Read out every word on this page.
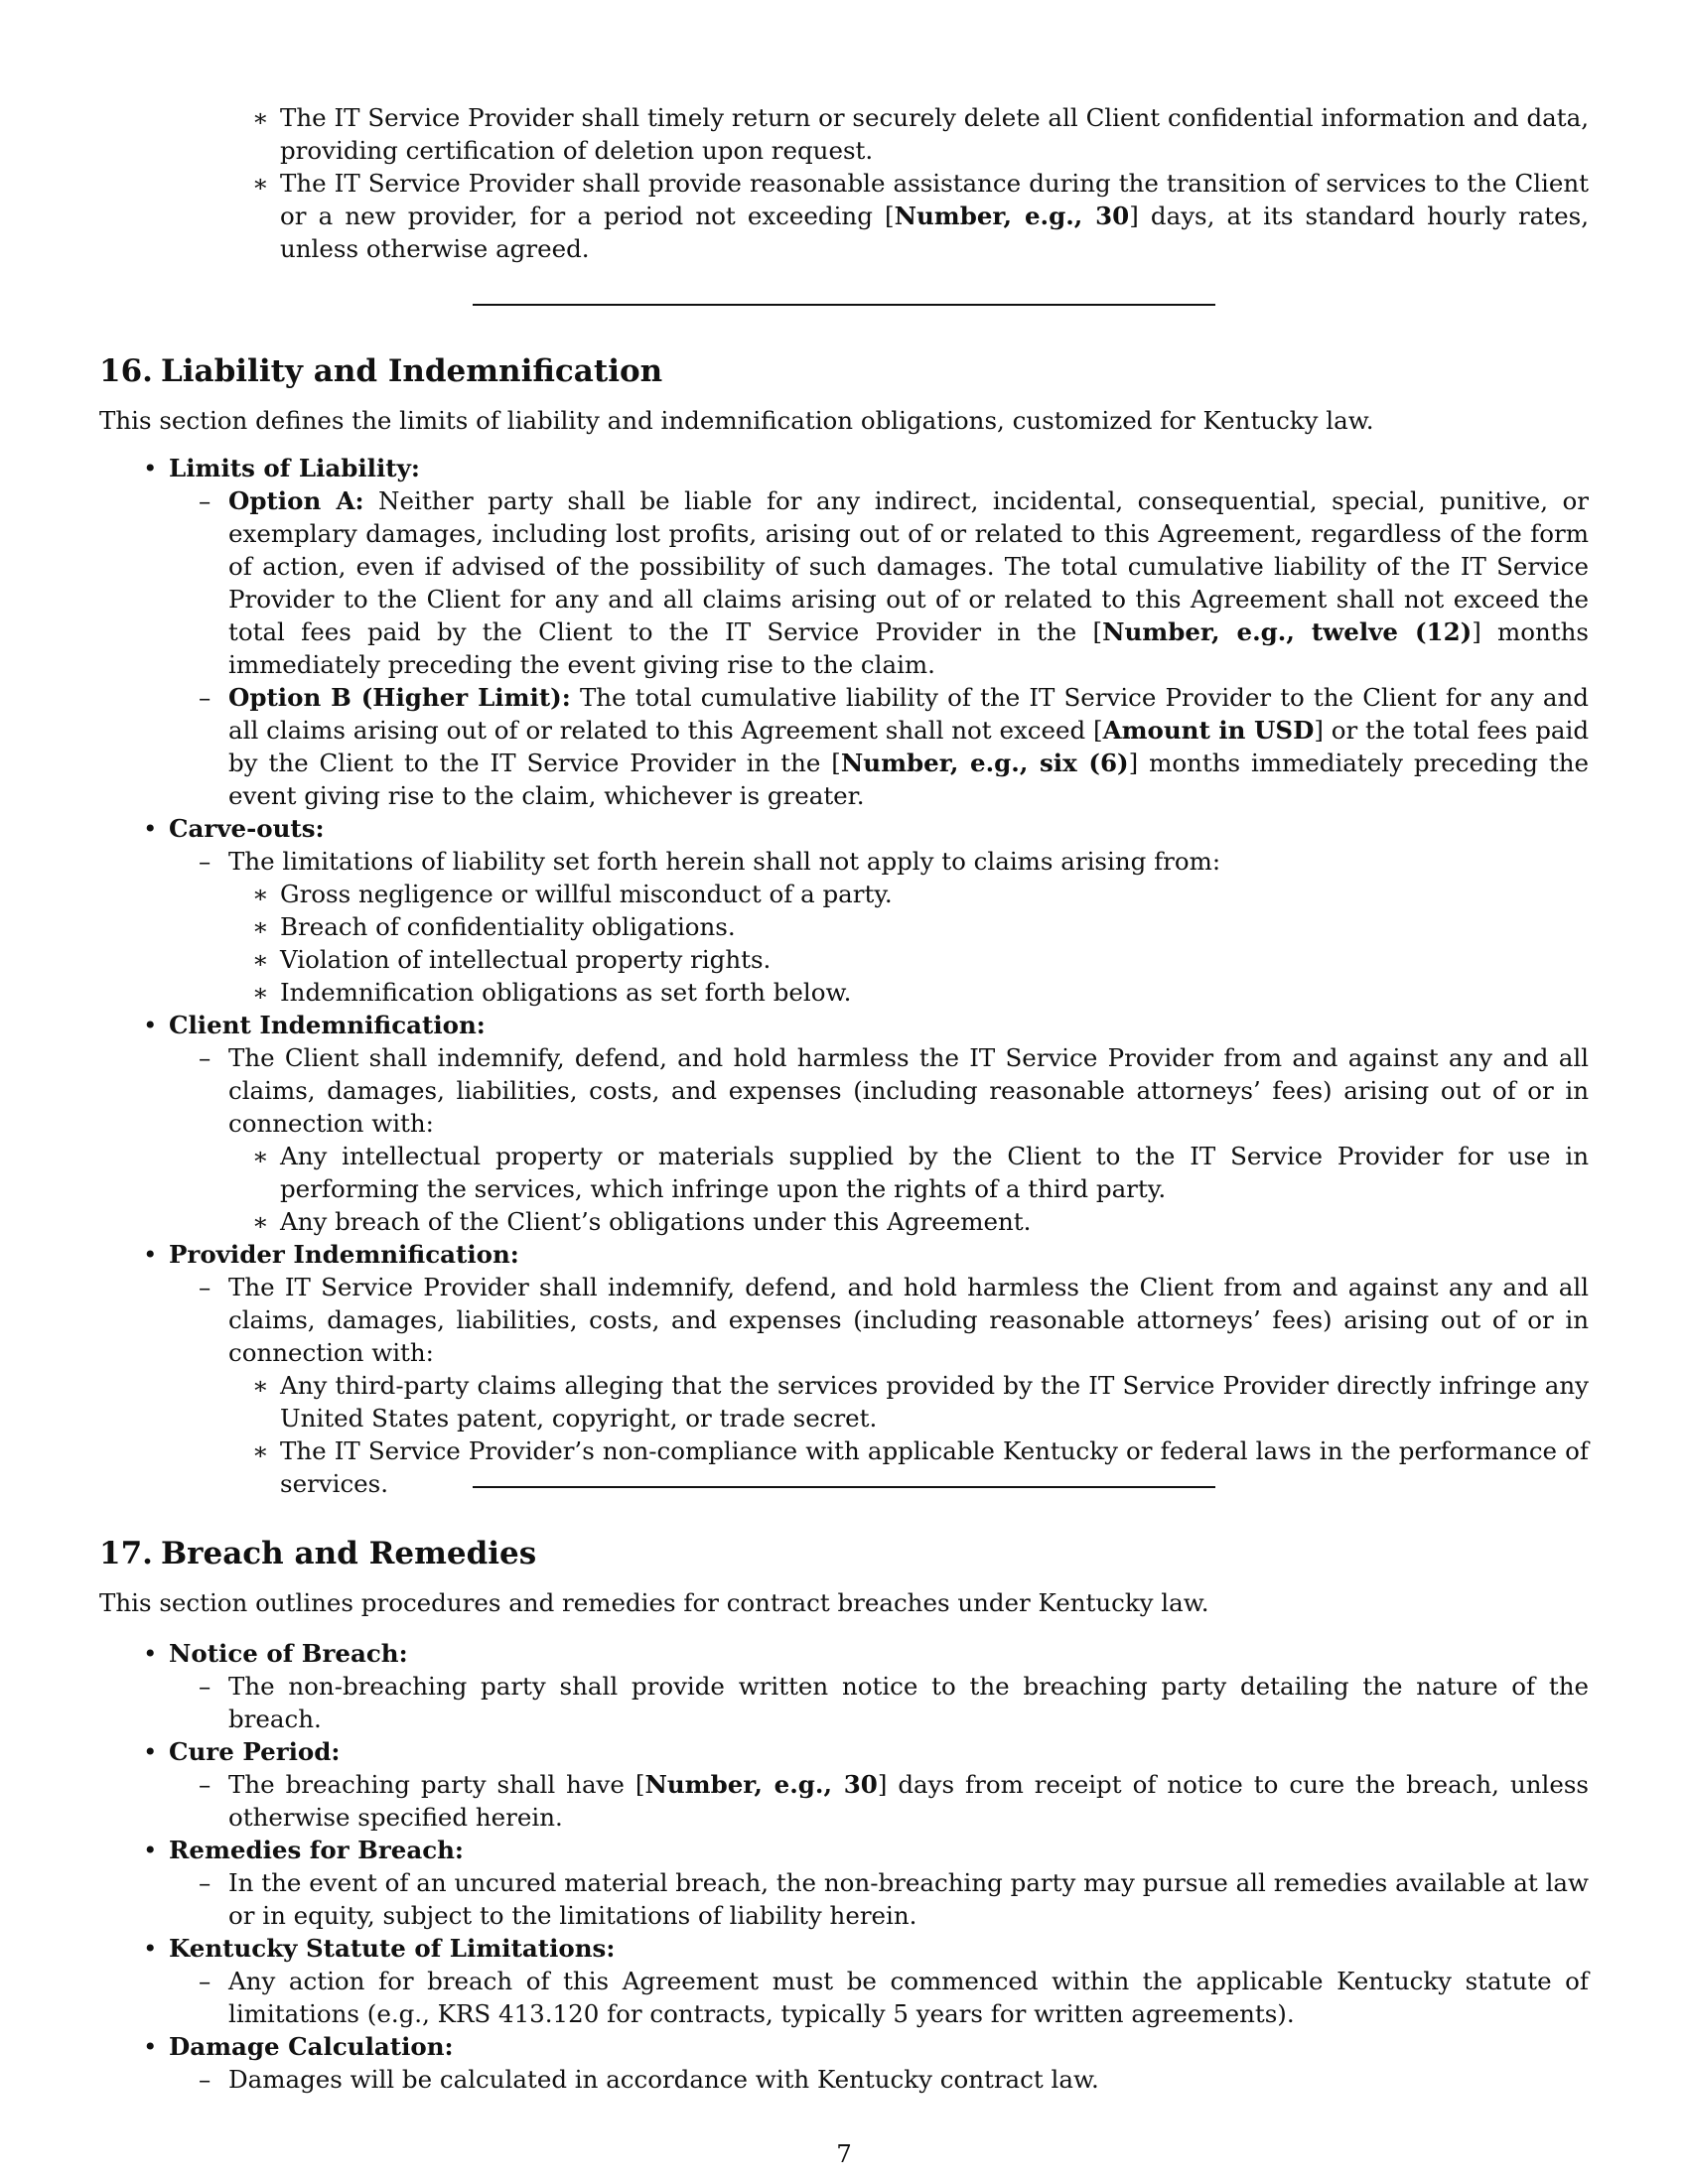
∗ The IT Service Provider shall timely return or securely delete all Client confidential information and data, providing certification of deletion upon request.
∗ The IT Service Provider shall provide reasonable assistance during the transition of services to the Client or a new provider, for a period not exceeding [Number, e.g., 30] days, at its standard hourly rates, unless otherwise agreed.
16. Liability and Indemnification

This section defines the limits of liability and indemnification obligations, customized for Kentucky law.

• Limits of Liability:
– Option A: Neither party shall be liable for any indirect, incidental, consequential, special, punitive, or exemplary damages, including lost profits, arising out of or related to this Agreement, regardless of the form of action, even if advised of the possibility of such damages. The total cumulative liability of the IT Service Provider to the Client for any and all claims arising out of or related to this Agreement shall not exceed the total fees paid by the Client to the IT Service Provider in the [Number, e.g., twelve (12)] months immediately preceding the event giving rise to the claim.
– Option B (Higher Limit): The total cumulative liability of the IT Service Provider to the Client for any and all claims arising out of or related to this Agreement shall not exceed [Amount in USD] or the total fees paid by the Client to the IT Service Provider in the [Number, e.g., six (6)] months immediately preceding the event giving rise to the claim, whichever is greater.
• Carve-outs:
– The limitations of liability set forth herein shall not apply to claims arising from:
∗ Gross negligence or willful misconduct of a party.
∗ Breach of confidentiality obligations.
∗ Violation of intellectual property rights.
∗ Indemnification obligations as set forth below.
• Client Indemnification:
– The Client shall indemnify, defend, and hold harmless the IT Service Provider from and against any and all claims, damages, liabilities, costs, and expenses (including reasonable attorneys’ fees) arising out of or in connection with:
∗ Any intellectual property or materials supplied by the Client to the IT Service Provider for use in performing the services, which infringe upon the rights of a third party.
∗ Any breach of the Client’s obligations under this Agreement.
• Provider Indemnification:
– The IT Service Provider shall indemnify, defend, and hold harmless the Client from and against any and all claims, damages, liabilities, costs, and expenses (including reasonable attorneys’ fees) arising out of or in connection with:
∗ Any third-party claims alleging that the services provided by the IT Service Provider directly infringe any United States patent, copyright, or trade secret.
∗ The IT Service Provider’s non-compliance with applicable Kentucky or federal laws in the performance of services.
17. Breach and Remedies

This section outlines procedures and remedies for contract breaches under Kentucky law.

• Notice of Breach:
– The non-breaching party shall provide written notice to the breaching party detailing the nature of the breach.
• Cure Period:
– The breaching party shall have [Number, e.g., 30] days from receipt of notice to cure the breach, unless otherwise specified herein.
• Remedies for Breach:
– In the event of an uncured material breach, the non-breaching party may pursue all remedies available at law or in equity, subject to the limitations of liability herein.
• Kentucky Statute of Limitations:
– Any action for breach of this Agreement must be commenced within the applicable Kentucky statute of limitations (e.g., KRS 413.120 for contracts, typically 5 years for written agreements).
• Damage Calculation:
– Damages will be calculated in accordance with Kentucky contract law.
7
